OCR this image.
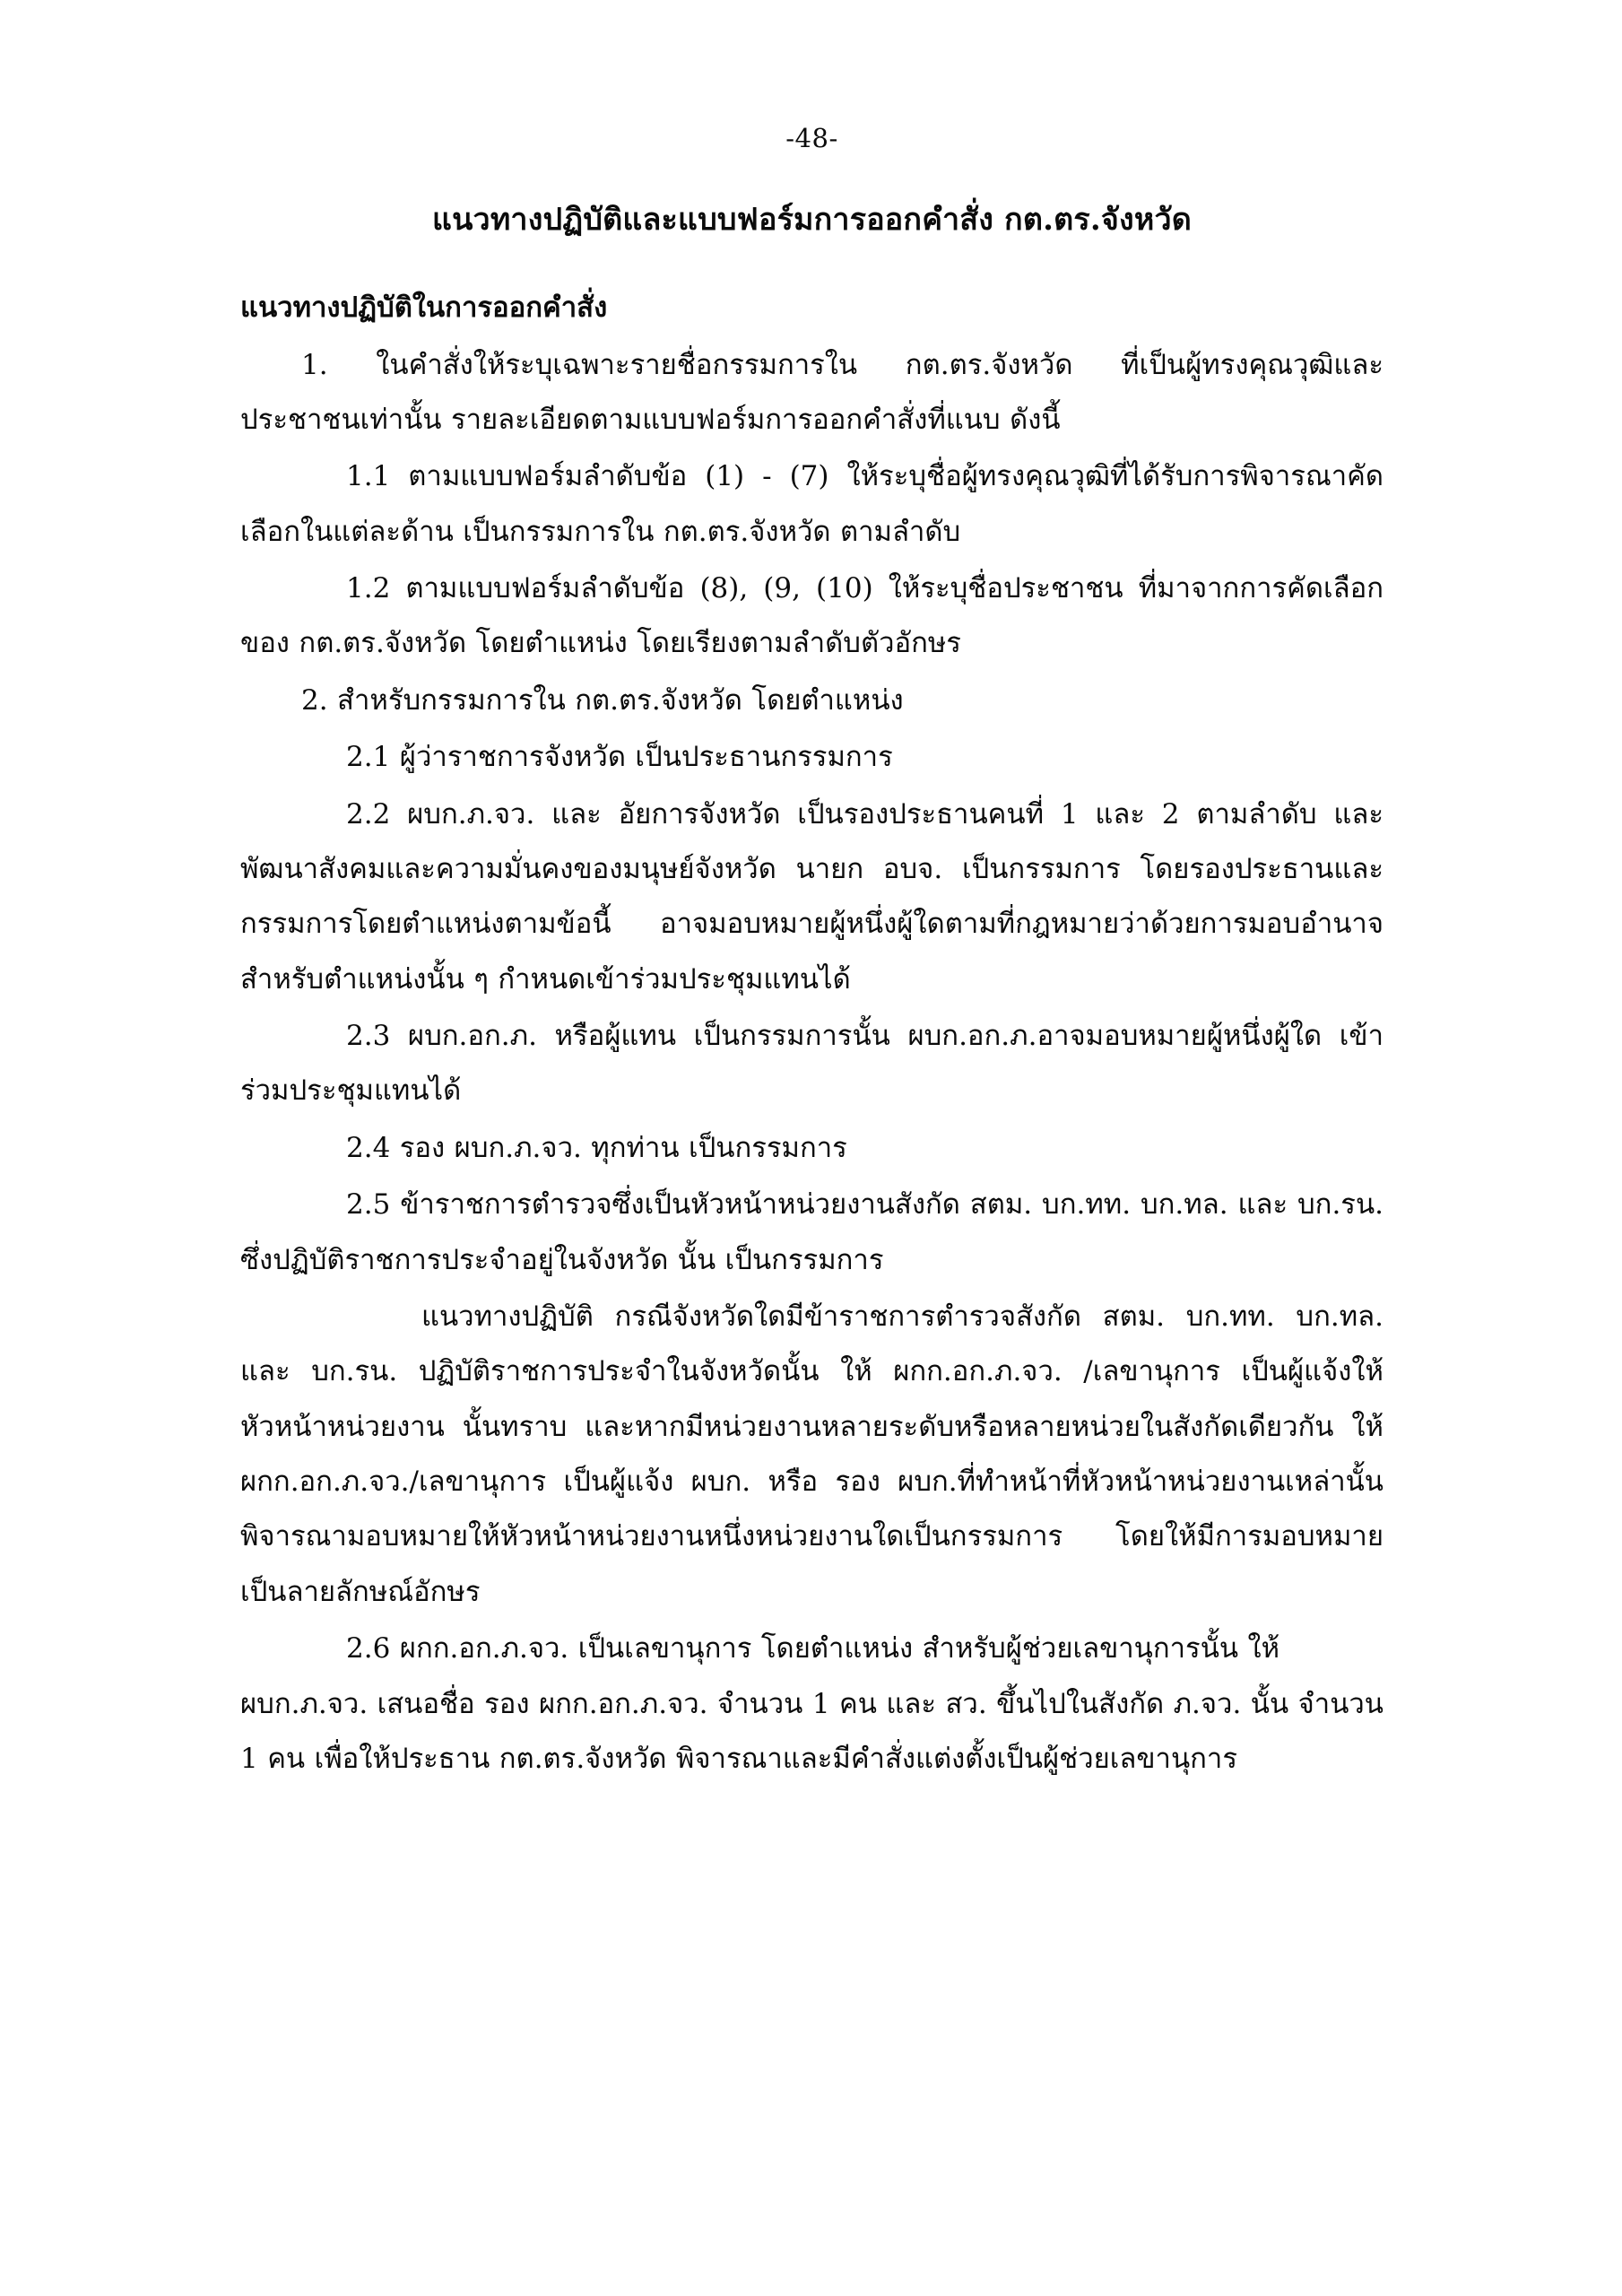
-48-
แนวทางปฏิบัติและแบบฟอร์มการออกคำสั่ง กต.ตร.จังหวัด
แนวทางปฏิบัติในการออกคำสั่ง

1. ในคำสั่งให้ระบุเฉพาะรายชื่อกรรมการใน กต.ตร.จังหวัด ที่เป็นผู้ทรงคุณวุฒิและประชาชนเท่านั้น รายละเอียดตามแบบฟอร์มการออกคำสั่งที่แนบ ดังนี้

1.1 ตามแบบฟอร์มลำดับข้อ (1) - (7) ให้ระบุชื่อผู้ทรงคุณวุฒิที่ได้รับการพิจารณาคัดเลือกในแต่ละด้าน เป็นกรรมการใน กต.ตร.จังหวัด ตามลำดับ

1.2 ตามแบบฟอร์มลำดับข้อ (8), (9, (10) ให้ระบุชื่อประชาชน ที่มาจากการคัดเลือกของ กต.ตร.จังหวัด โดยตำแหน่ง โดยเรียงตามลำดับตัวอักษร

2. สำหรับกรรมการใน กต.ตร.จังหวัด โดยตำแหน่ง

2.1 ผู้ว่าราชการจังหวัด เป็นประธานกรรมการ

2.2 ผบก.ภ.จว. และ อัยการจังหวัด เป็นรองประธานคนที่ 1 และ 2 ตามลำดับ และพัฒนาสังคมและความมั่นคงของมนุษย์จังหวัด นายก อบจ. เป็นกรรมการ โดยรองประธานและกรรมการโดยตำแหน่งตามข้อนี้ อาจมอบหมายผู้หนึ่งผู้ใดตามที่กฎหมายว่าด้วยการมอบอำนาจสำหรับตำแหน่งนั้น ๆ กำหนดเข้าร่วมประชุมแทนได้

2.3 ผบก.อก.ภ. หรือผู้แทน เป็นกรรมการนั้น ผบก.อก.ภ.อาจมอบหมายผู้หนึ่งผู้ใด เข้าร่วมประชุมแทนได้

2.4 รอง ผบก.ภ.จว. ทุกท่าน เป็นกรรมการ

2.5 ข้าราชการตำรวจซึ่งเป็นหัวหน้าหน่วยงานสังกัด สตม. บก.ทท. บก.ทล. และ บก.รน. ซึ่งปฏิบัติราชการประจำอยู่ในจังหวัด นั้น เป็นกรรมการ

แนวทางปฏิบัติ กรณีจังหวัดใดมีข้าราชการตำรวจสังกัด สตม. บก.ทท. บก.ทล. และ บก.รน. ปฏิบัติราชการประจำในจังหวัดนั้น ให้ ผกก.อก.ภ.จว. /เลขานุการ เป็นผู้แจ้งให้หัวหน้าหน่วยงาน นั้นทราบ และหากมีหน่วยงานหลายระดับหรือหลายหน่วยในสังกัดเดียวกัน ให้ ผกก.อก.ภ.จว./เลขานุการ เป็นผู้แจ้ง ผบก. หรือ รอง ผบก.ที่ทำหน้าที่หัวหน้าหน่วยงานเหล่านั้น พิจารณามอบหมายให้หัวหน้าหน่วยงานหนึ่งหน่วยงานใดเป็นกรรมการ โดยให้มีการมอบหมายเป็นลายลักษณ์อักษร

2.6 ผกก.อก.ภ.จว. เป็นเลขานุการ โดยตำแหน่ง สำหรับผู้ช่วยเลขานุการนั้น ให้ ผบก.ภ.จว. เสนอชื่อ รอง ผกก.อก.ภ.จว. จำนวน 1 คน และ สว. ขึ้นไปในสังกัด ภ.จว. นั้น จำนวน 1 คน เพื่อให้ประธาน กต.ตร.จังหวัด พิจารณาและมีคำสั่งแต่งตั้งเป็นผู้ช่วยเลขานุการ
